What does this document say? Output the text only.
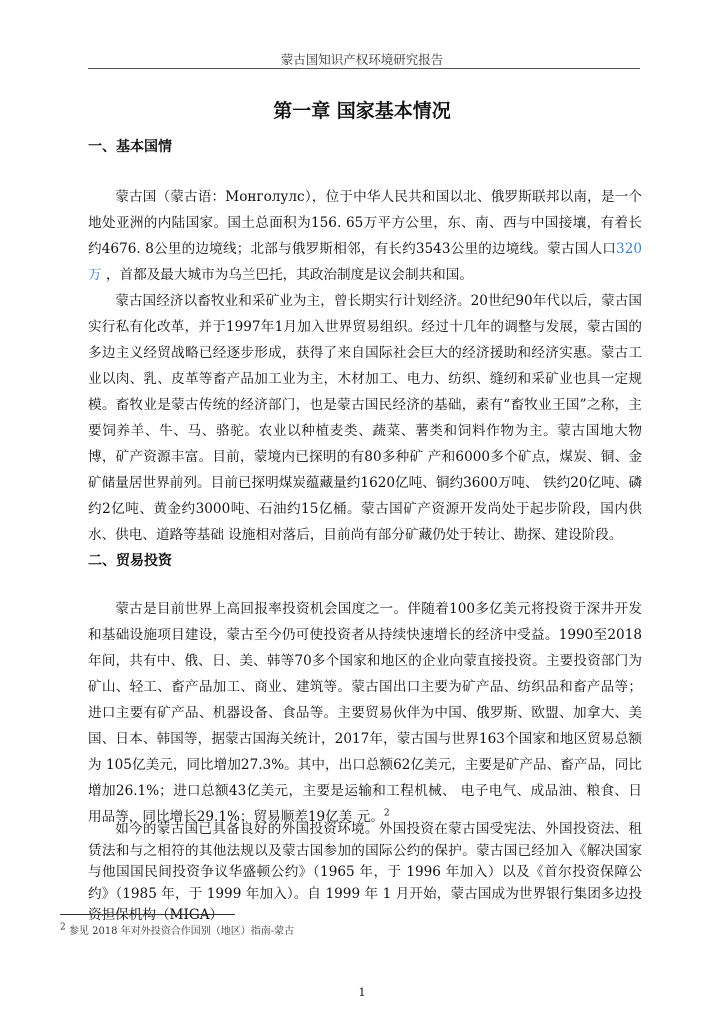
蒙古国知识产权环境研究报告
第一章 国家基本情况
一、基本国情

蒙古国（蒙古语：Монголулс），位于中华人民共和国以北、俄罗斯联邦以南，是一个地处亚洲的内陆国家。国土总面积为156. 65万平方公里，东、南、西与中国接壤，有着长约4676. 8公里的边境线；北部与俄罗斯相邻，有长约3543公里的边境线。蒙古国人口320万 ，首都及最大城市为乌兰巴托，其政治制度是议会制共和国。

蒙古国经济以畜牧业和采矿业为主，曾长期实行计划经济。20世纪90年代以后，蒙古国实行私有化改革，并于1997年1月加入世界贸易组织。经过十几年的调整与发展，蒙古国的多边主义经贸战略已经逐步形成，获得了来自国际社会巨大的经济援助和经济实惠。蒙古工业以肉、乳、皮革等畜产品加工业为主，木材加工、电力、纺织、缝纫和采矿业也具一定规模。畜牧业是蒙古传统的经济部门，也是蒙古国民经济的基础，素有“畜牧业王国”之称，主要饲养羊、牛、马、骆驼。农业以种植麦类、蔬菜、薯类和饲料作物为主。蒙古国地大物博，矿产资源丰富。目前，蒙境内已探明的有80多种矿 产和6000多个矿点，煤炭、铜、金矿储量居世界前列。目前已探明煤炭蕴藏量约1620亿吨、铜约3600万吨、 铁约20亿吨、磷约2亿吨、黄金约3000吨、石油约15亿桶。蒙古国矿产资源开发尚处于起步阶段，国内供水、供电、道路等基础 设施相对落后，目前尚有部分矿藏仍处于转让、勘探、建设阶段。

二、贸易投资

蒙古是目前世界上高回报率投资机会国度之一。伴随着100多亿美元将投资于深井开发和基础设施项目建设，蒙古至今仍可使投资者从持续快速增长的经济中受益。1990至2018年间，共有中、俄、日、美、韩等70多个国家和地区的企业向蒙直接投资。主要投资部门为矿山、轻工、畜产品加工、商业、建筑等。蒙古国出口主要为矿产品、纺织品和畜产品等；进口主要有矿产品、机器设备、食品等。主要贸易伙伴为中国、俄罗斯、欧盟、加拿大、美国、日本、韩国等，据蒙古国海关统计，2017年，蒙古国与世界163个国家和地区贸易总额为 105亿美元，同比增加27.3%。其中，出口总额62亿美元，主要是矿产品、畜产品，同比增加26.1%；进口总额43亿美元，主要是运输和工程机械、 电子电气、成品油、粮食、日用品等，同比增长29.1%；贸易顺差19亿美 元。$^2$

如今的蒙古国已具备良好的外国投资环境。外国投资在蒙古国受宪法、外国投资法、租赁法和与之相符的其他法规以及蒙古国参加的国际公约的保护。蒙古国已经加入《解决国家与他国国民间投资争议华盛顿公约》（1965 年，于 1996 年加入）以及《首尔投资保障公约》（1985 年，于 1999 年加入）。自 1999 年 1 月开始，蒙古国成为世界银行集团多边投资担保机构（MIGA）

$^2$ 参见 2018 年对外投资合作国别（地区）指南-蒙古
1
